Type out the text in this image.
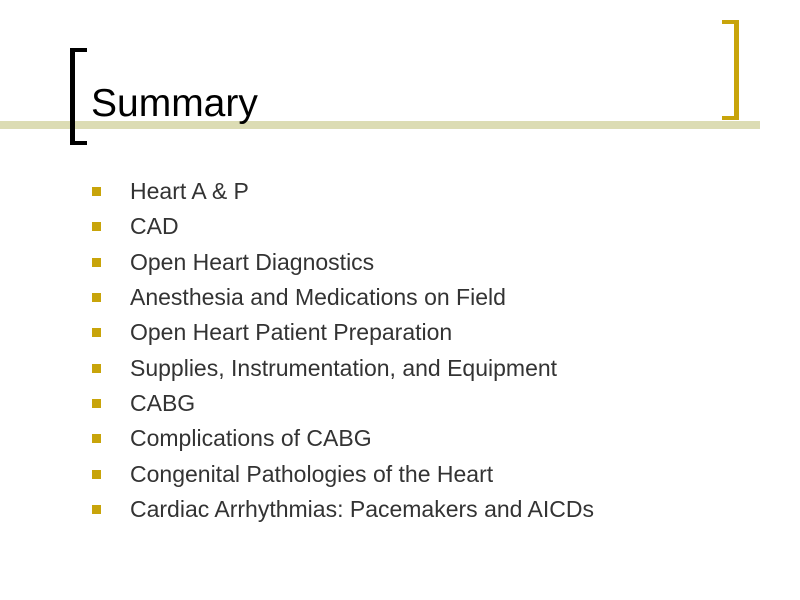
Summary
Heart A & P
CAD
Open Heart Diagnostics
Anesthesia and Medications on Field
Open Heart Patient Preparation
Supplies, Instrumentation, and Equipment
CABG
Complications of CABG
Congenital Pathologies of the Heart
Cardiac Arrhythmias: Pacemakers and AICDs
